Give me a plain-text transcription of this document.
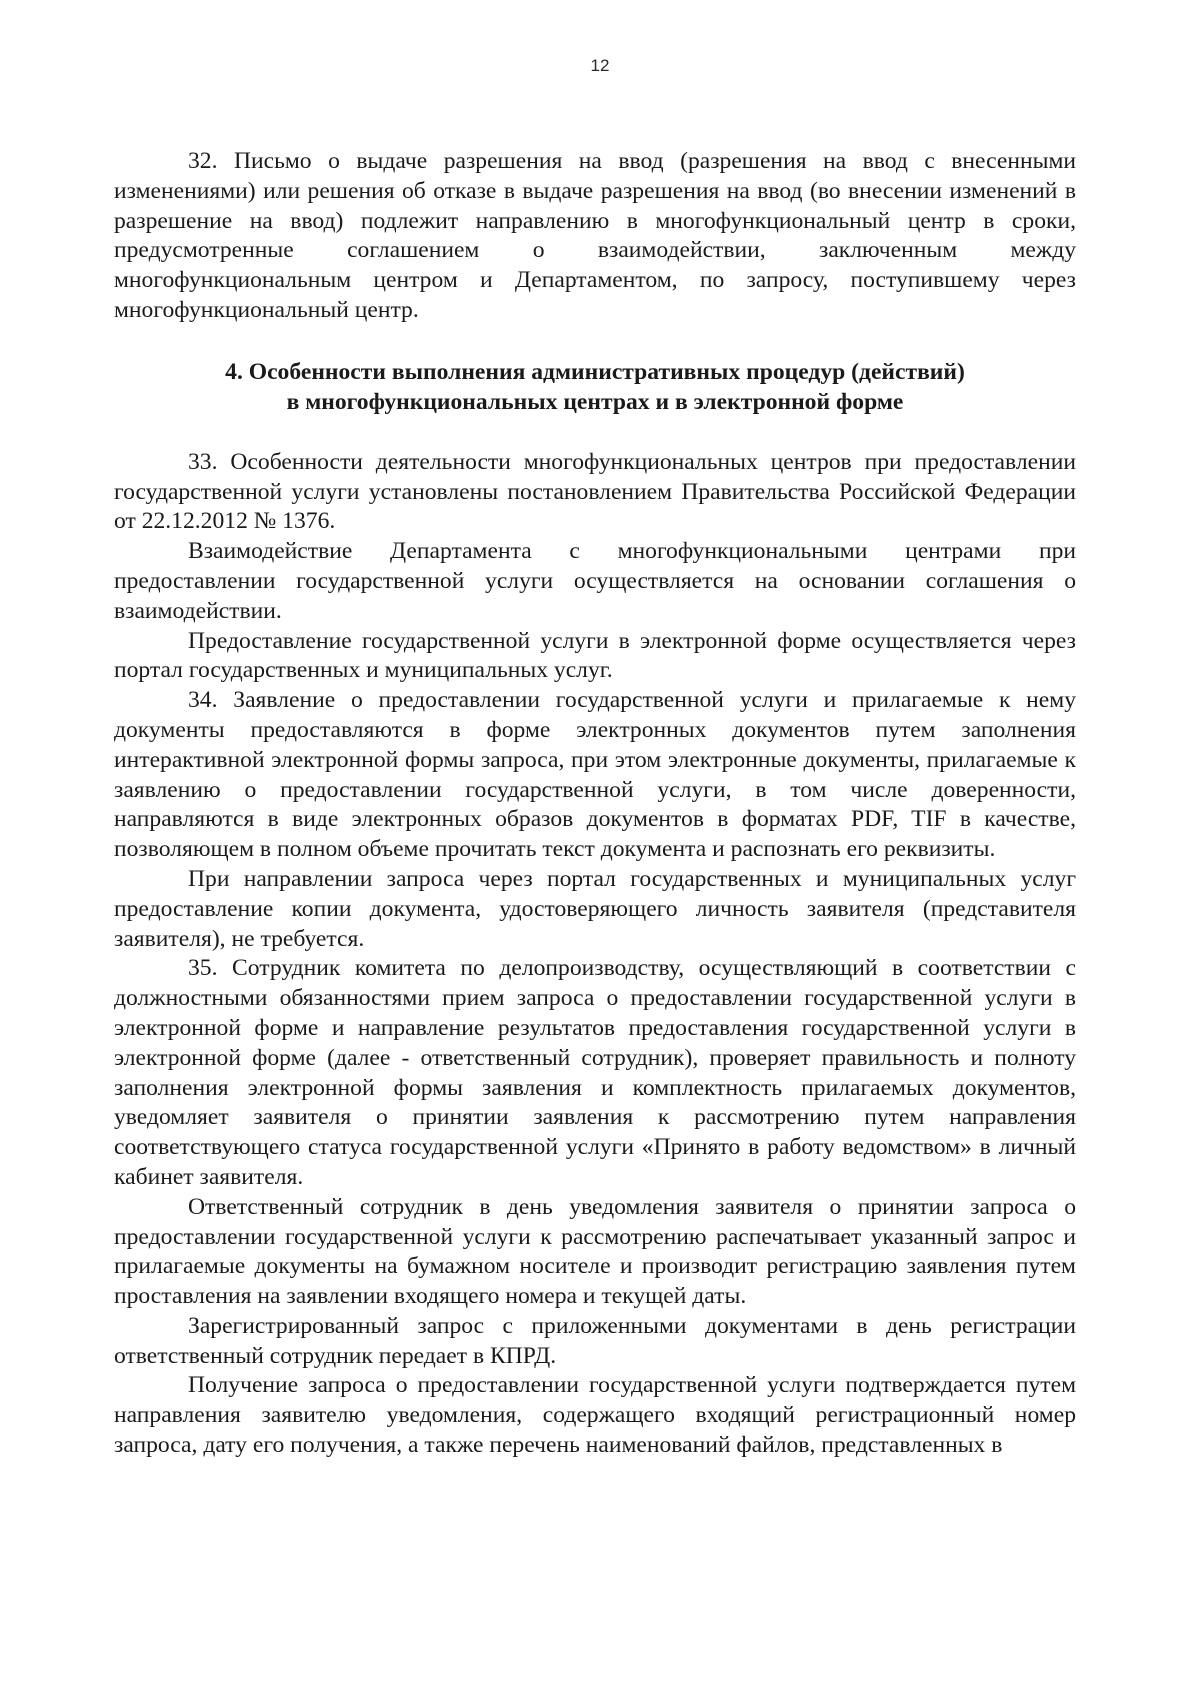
12

32. Письмо о выдаче разрешения на ввод (разрешения на ввод с внесенными изменениями) или решения об отказе в выдаче разрешения на ввод (во внесении изменений в разрешение на ввод) подлежит направлению в многофункциональный центр в сроки, предусмотренные соглашением о взаимодействии, заключенным между многофункциональным центром и Департаментом, по запросу, поступившему через многофункциональный центр.

4. Особенности выполнения административных процедур (действий)
в многофункциональных центрах и в электронной форме

33. Особенности деятельности многофункциональных центров при предоставлении государственной услуги установлены постановлением Правительства Российской Федерации от 22.12.2012 № 1376.

Взаимодействие Департамента с многофункциональными центрами при предоставлении государственной услуги осуществляется на основании соглашения о взаимодействии.

Предоставление государственной услуги в электронной форме осуществляется через портал государственных и муниципальных услуг.

34. Заявление о предоставлении государственной услуги и прилагаемые к нему документы предоставляются в форме электронных документов путем заполнения интерактивной электронной формы запроса, при этом электронные документы, прилагаемые к заявлению о предоставлении государственной услуги, в том числе доверенности, направляются в виде электронных образов документов в форматах PDF, TIF в качестве, позволяющем в полном объеме прочитать текст документа и распознать его реквизиты.

При направлении запроса через портал государственных и муниципальных услуг предоставление копии документа, удостоверяющего личность заявителя (представителя заявителя), не требуется.

35. Сотрудник комитета по делопроизводству, осуществляющий в соответствии с должностными обязанностями прием запроса о предоставлении государственной услуги в электронной форме и направление результатов предоставления государственной услуги в электронной форме (далее - ответственный сотрудник), проверяет правильность и полноту заполнения электронной формы заявления и комплектность прилагаемых документов, уведомляет заявителя о принятии заявления к рассмотрению путем направления соответствующего статуса государственной услуги «Принято в работу ведомством» в личный кабинет заявителя.

Ответственный сотрудник в день уведомления заявителя о принятии запроса о предоставлении государственной услуги к рассмотрению распечатывает указанный запрос и прилагаемые документы на бумажном носителе и производит регистрацию заявления путем проставления на заявлении входящего номера и текущей даты.

Зарегистрированный запрос с приложенными документами в день регистрации ответственный сотрудник передает в КПРД.

Получение запроса о предоставлении государственной услуги подтверждается путем направления заявителю уведомления, содержащего входящий регистрационный номер запроса, дату его получения, а также перечень наименований файлов, представленных в
